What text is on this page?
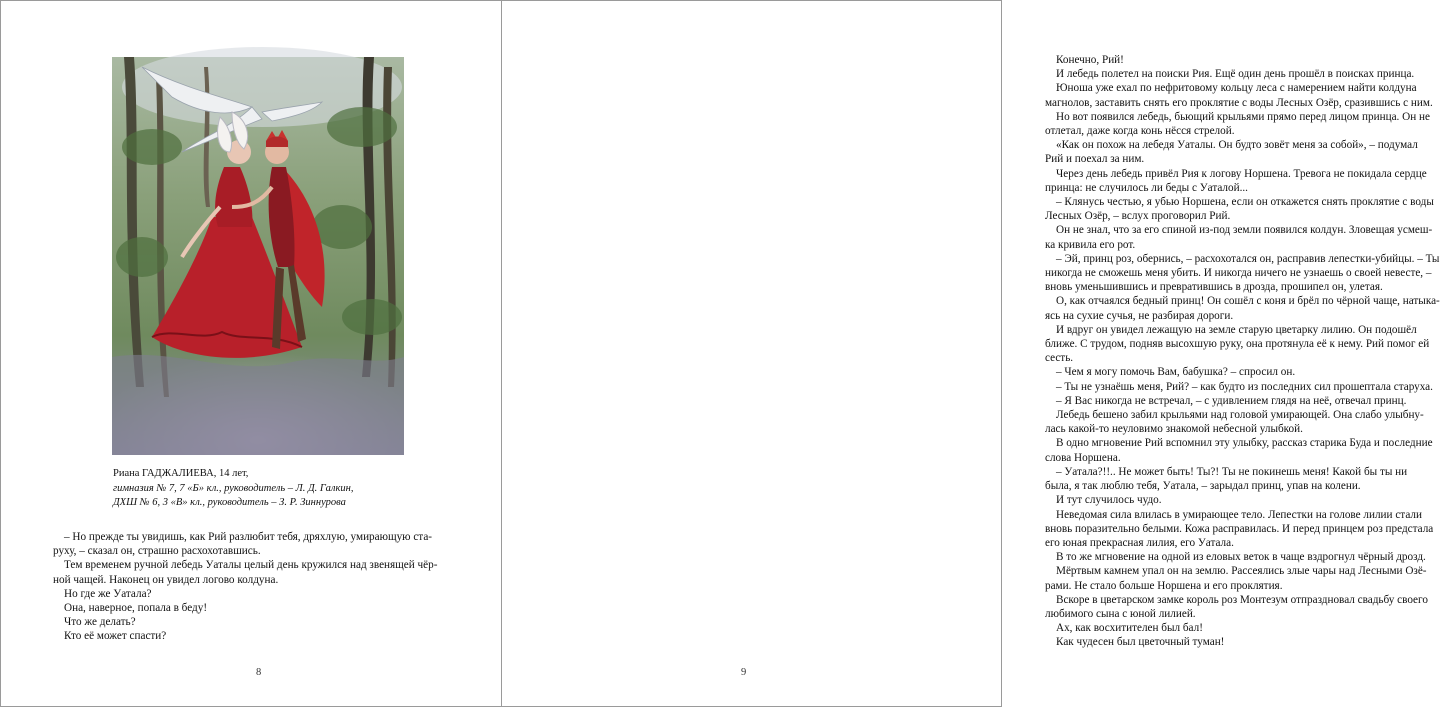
Риана ГАДЖАЛИЕВА, 14 лет,
гимназия № 7, 7 «Б» кл., руководитель – Л. Д. Галкин,
ДХШ № 6, 3 «В» кл., руководитель – З. Р. Зиннурова

– Но прежде ты увидишь, как Рий разлюбит тебя, дряхлую, умирающую ста-

руху, – сказал он, страшно расхохотавшись.

Тем временем ручной лебедь Уаталы целый день кружился над звенящей чёр-

ной чащей. Наконец он увидел логово колдуна.

Но где же Уатала?

Она, наверное, попала в беду!

Что же делать?

Кто её может спасти?

8

Конечно, Рий!

И лебедь полетел на поиски Рия. Ещё один день прошёл в поисках принца.

Юноша уже ехал по нефритовому кольцу леса с намерением найти колдуна

магнолов, заставить снять его проклятие с воды Лесных Озёр, сразившись с ним.

Но вот появился лебедь, бьющий крыльями прямо перед лицом принца. Он не

отлетал, даже когда конь нёсся стрелой.

«Как он похож на лебедя Уаталы. Он будто зовёт меня за собой», – подумал

Рий и поехал за ним.

Через день лебедь привёл Рия к логову Норшена. Тревога не покидала сердце

принца: не случилось ли беды с Уаталой...

– Клянусь честью, я убью Норшена, если он откажется снять проклятие с воды

Лесных Озёр, – вслух проговорил Рий.

Он не знал, что за его спиной из-под земли появился колдун. Зловещая усмеш-

ка кривила его рот.

– Эй, принц роз, обернись, – расхохотался он, расправив лепестки-убийцы. – Ты

никогда не сможешь меня убить. И никогда ничего не узнаешь о своей невесте, –

вновь уменьшившись и превратившись в дрозда, прошипел он, улетая.

О, как отчаялся бедный принц! Он сошёл с коня и брёл по чёрной чаще, натыка-

ясь на сухие сучья, не разбирая дороги.

И вдруг он увидел лежащую на земле старую цветарку лилию. Он подошёл

ближе. С трудом, подняв высохшую руку, она протянула её к нему. Рий помог ей

сесть.

– Чем я могу помочь Вам, бабушка? – спросил он.

– Ты не узнаёшь меня, Рий? – как будто из последних сил прошептала старуха.

– Я Вас никогда не встречал, – с удивлением глядя на неё, отвечал принц.

Лебедь бешено забил крыльями над головой умирающей. Она слабо улыбну-

лась какой-то неуловимо знакомой небесной улыбкой.

В одно мгновение Рий вспомнил эту улыбку, рассказ старика Буда и последние

слова Норшена.

– Уатала?!!.. Не может быть! Ты?! Ты не покинешь меня! Какой бы ты ни

была, я так люблю тебя, Уатала, – зарыдал принц, упав на колени.

И тут случилось чудо.

Неведомая сила влилась в умирающее тело. Лепестки на голове лилии стали

вновь поразительно белыми. Кожа расправилась. И перед принцем роз предстала

его юная прекрасная лилия, его Уатала.

В то же мгновение на одной из еловых веток в чаще вздрогнул чёрный дрозд.

Мёртвым камнем упал он на землю. Рассеялись злые чары над Лесными Озё-

рами. Не стало больше Норшена и его проклятия.

Вскоре в цветарском замке король роз Монтезум отпраздновал свадьбу своего

любимого сына с юной лилией.

Ах, как восхитителен был бал!

Как чудесен был цветочный туман!

9
